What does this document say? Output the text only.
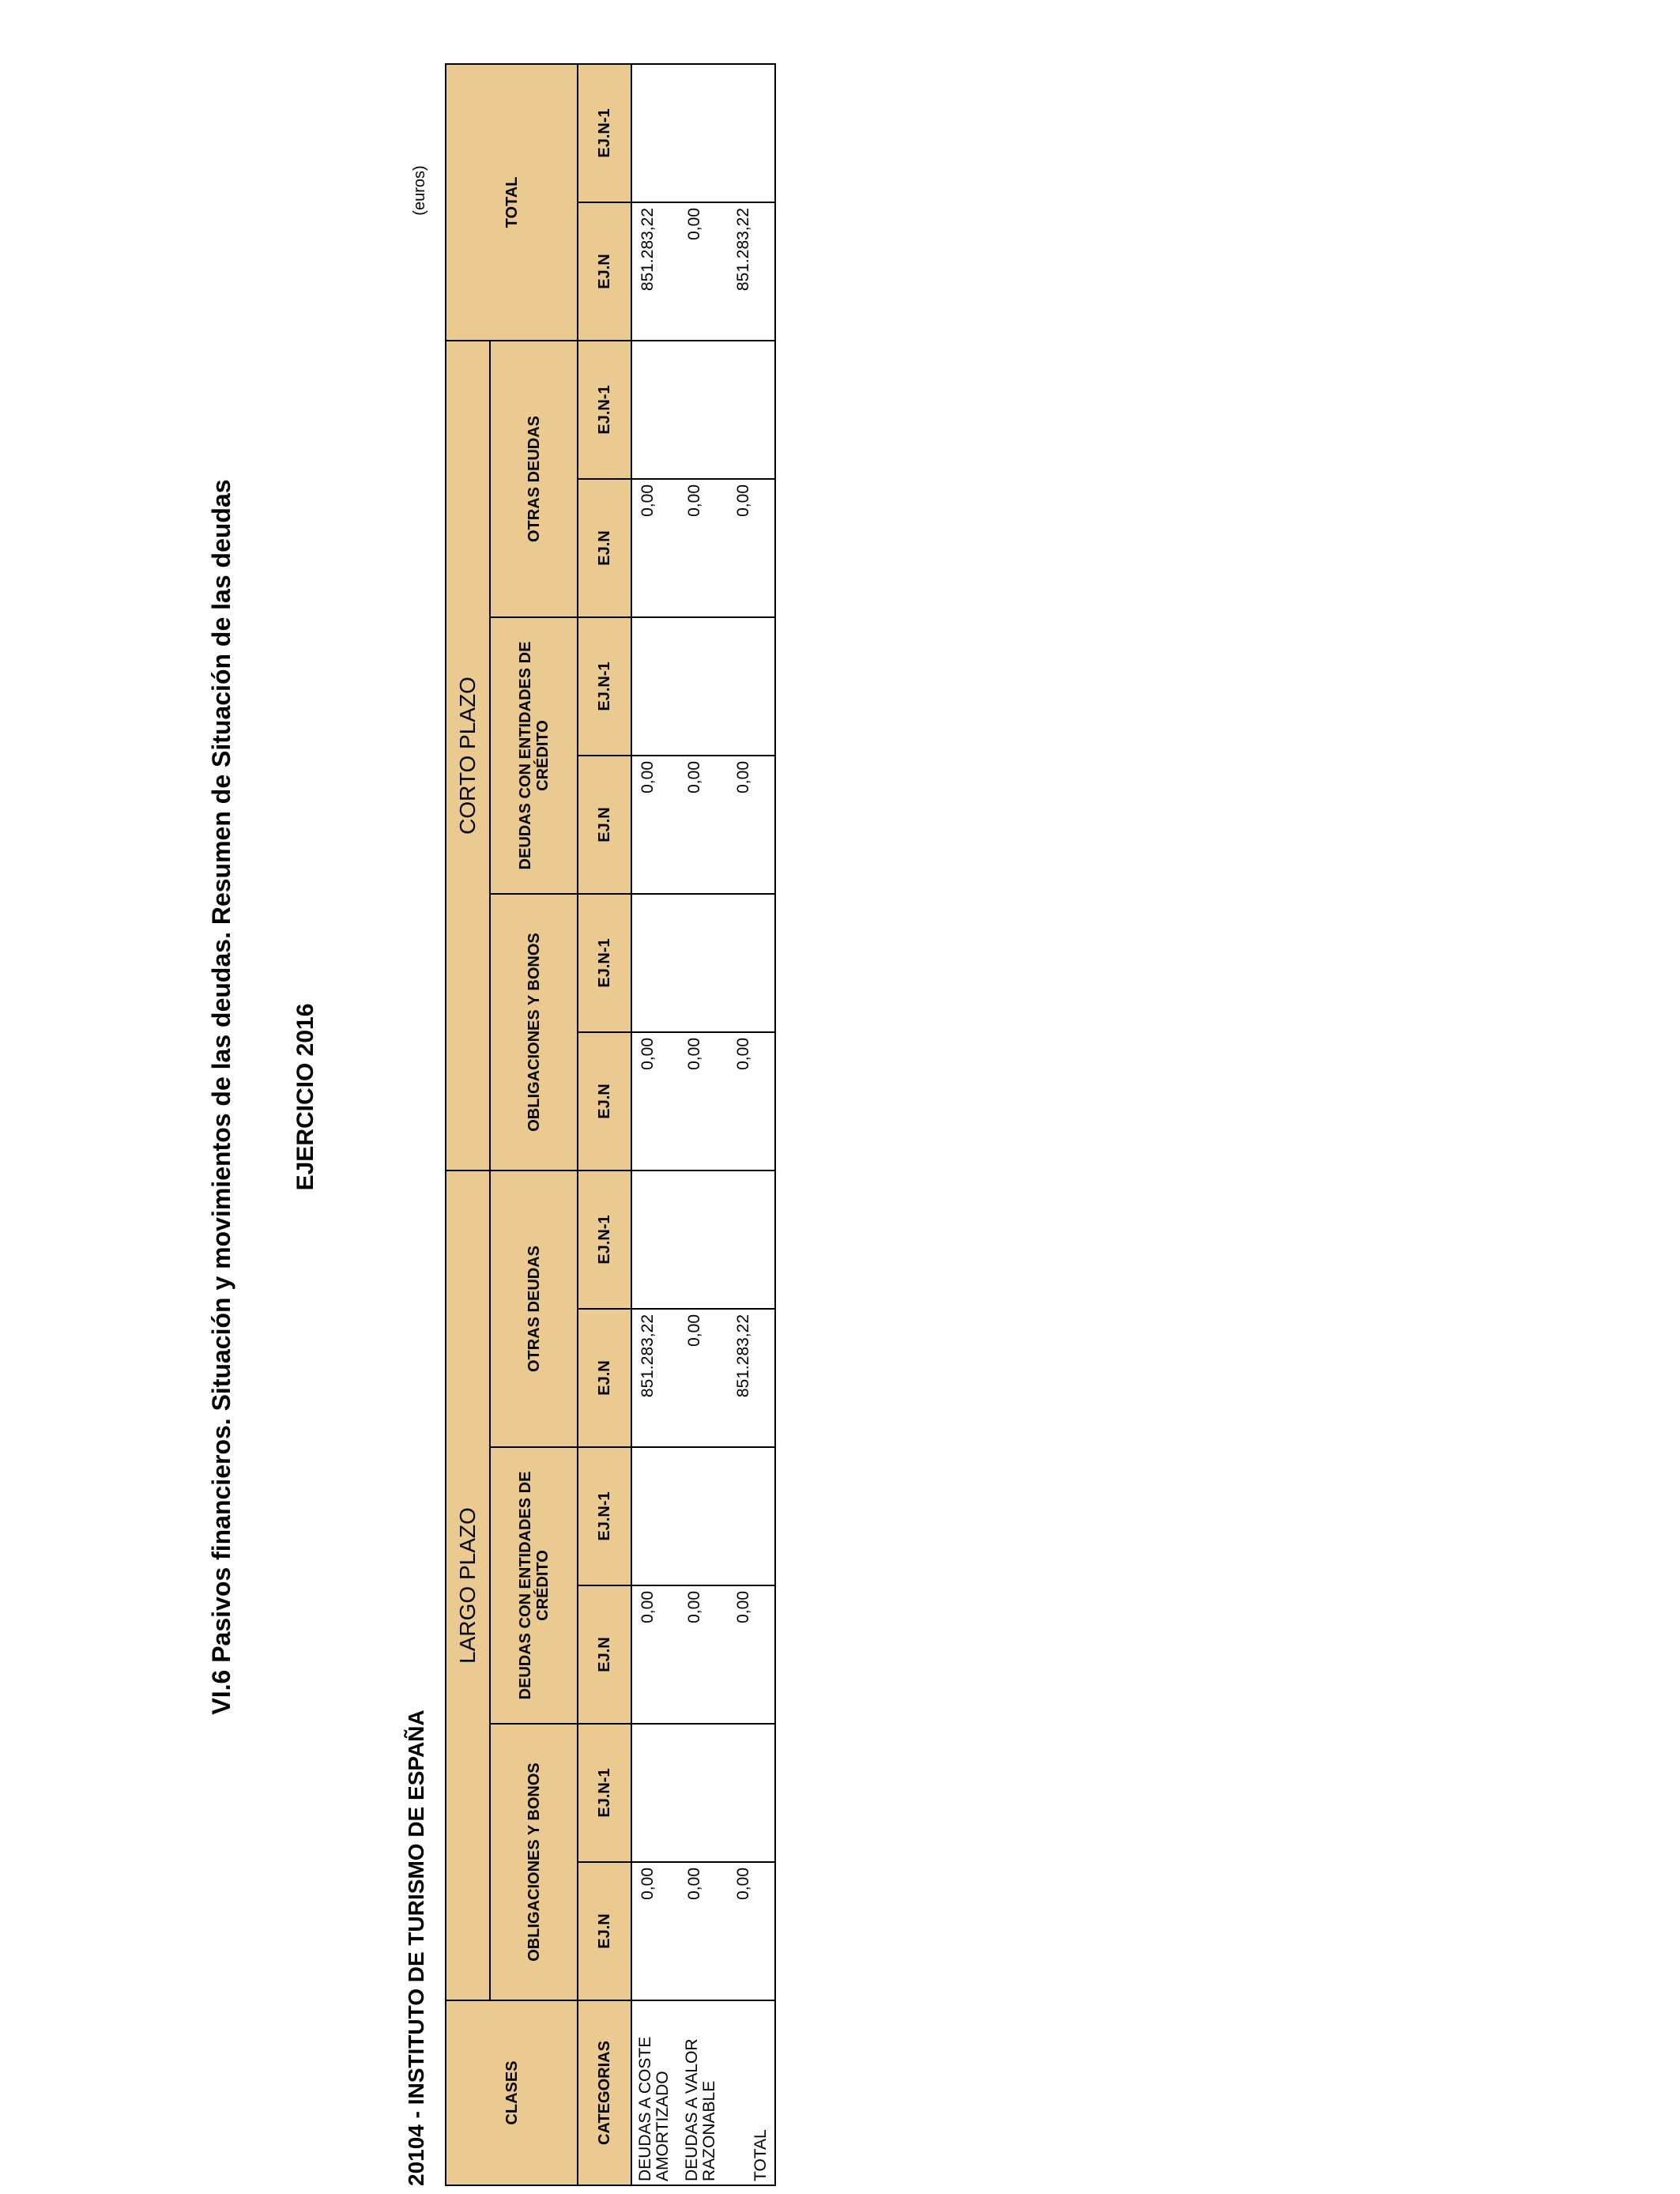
VI.6 Pasivos financieros. Situación y movimientos de las deudas. Resumen de Situación de las deudas EJERCICIO 2016
20104 - INSTITUTO DE TURISMO DE ESPAÑA
(euros)
CLASES	LARGO PLAZO						CORTO PLAZO						TOTAL	
	OBLIGACIONES Y BONOS		DEUDAS CON ENTIDADES DE CRÉDITO		OTRAS DEUDAS		OBLIGACIONES Y BONOS		DEUDAS CON ENTIDADES DE CRÉDITO		OTRAS DEUDAS			
CATEGORIAS	EJ.N	EJ.N-1	EJ.N	EJ.N-1	EJ.N	EJ.N-1	EJ.N	EJ.N-1	EJ.N	EJ.N-1	EJ.N	EJ.N-1	EJ.N	EJ.N-1
DEUDAS A COSTE AMORTIZADO	0,00		0,00		851.283,22		0,00		0,00		0,00		851.283,22	
DEUDAS A VALOR RAZONABLE	0,00		0,00		0,00		0,00		0,00		0,00		0,00	
TOTAL	0,00		0,00		851.283,22		0,00		0,00		0,00		851.283,22	
